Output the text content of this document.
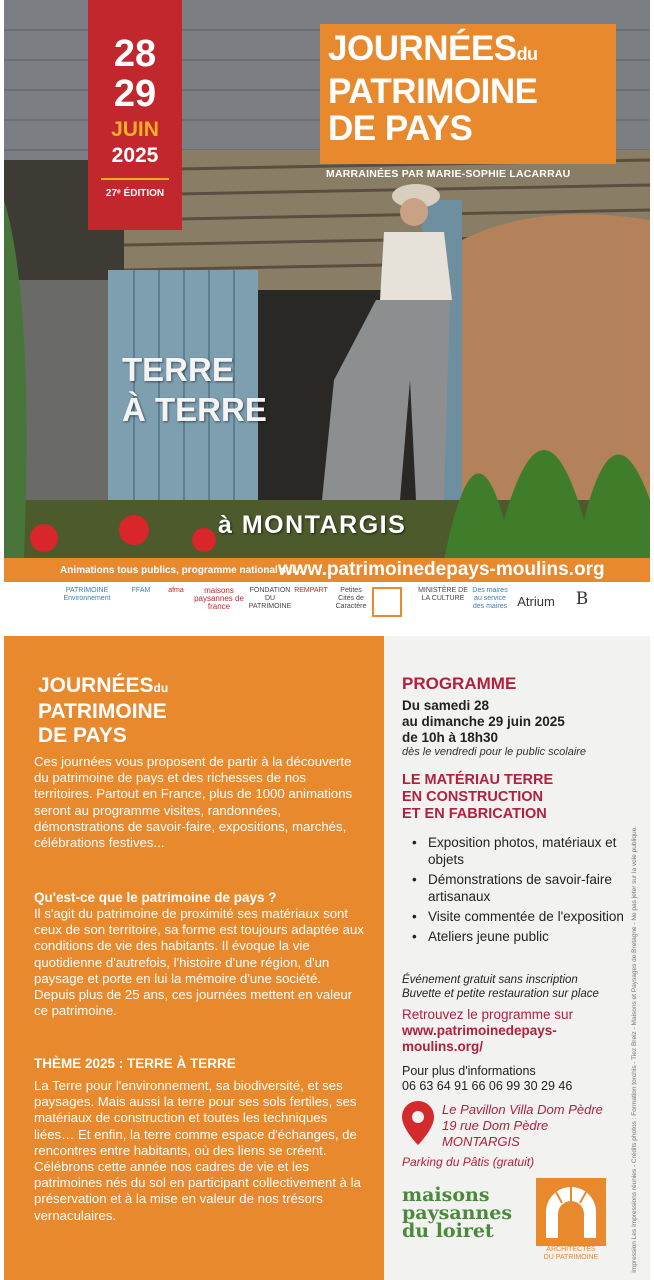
28
29
JUIN
2025
27ᵉ ÉDITION
JOURNÉESdu
PATRIMOINE
DE PAYS
MARRAINÉES PAR MARIE-SOPHIE LACARRAU
TERRE
À TERRE
à MONTARGIS
Animations tous publics, programme national sur :
www.patrimoinedepays-moulins.org
PATRIMOINE Environnement
FFAM	afma	maisons paysannes de france
FONDATION DU PATRIMOINE
REMPART	Petites Cités de Caractère
MINISTÈRE DE LA CULTURE
Des maires au service des maires Atrium	B
JOURNÉESdu
PATRIMOINE
DE PAYS

Ces journées vous proposent de partir à la découverte du patrimoine de pays et des richesses de nos territoires. Partout en France, plus de 1000 animations seront au programme visites, randonnées, démonstrations de savoir-faire, expositions, marchés, célébrations festives...

Qu'est-ce que le patrimoine de pays ?

Il s'agit du patrimoine de proximité ses matériaux sont ceux de son territoire, sa forme est toujours adaptée aux conditions de vie des habitants. Il évoque la vie quotidienne d'autrefois, l'histoire d'une région, d'un paysage et porte en lui la mémoire d'une société. Depuis plus de 25 ans, ces journées mettent en valeur ce patrimoine.

THÈME 2025 : TERRE À TERRE

La Terre pour l'environnement, sa biodiversité, et ses paysages. Mais aussi la terre pour ses sols fertiles, ses matériaux de construction et toutes les techniques liées… Et enfin, la terre comme espace d'échanges, de rencontres entre habitants, où des liens se créent. Célébrons cette année nos cadres de vie et les patrimoines nés du sol en participant collectivement à la préservation et à la mise en valeur de nos trésors vernaculaires.

PROGRAMME
Du samedi 28
au dimanche 29 juin 2025
de 10h à 18h30
dès le vendredi pour le public scolaire
LE MATÉRIAU TERRE
EN CONSTRUCTION
ET EN FABRICATION
• Exposition photos, matériaux et objets
• Démonstrations de savoir-faire artisanaux
• Visite commentée de l'exposition
• Ateliers jeune public
Événement gratuit sans inscription
Buvette et petite restauration sur place
Retrouvez le programme sur
www.patrimoinedepays-
moulins.org/
Pour plus d'informations
06 63 64 91 66 06 99 30 29 46
Le Pavillon Villa Dom Pèdre
19 rue Dom Pèdre
MONTARGIS
Parking du Pâtis (gratuit)
maisons
paysannes
du loiret
ARCHITECTES
DU PATRIMOINE	Impression Les Impressions réunies - Crédits photos : Formation torchis - Tiez Breiz - Maisons et Paysages de Bretagne - Ne pas jeter sur la voie publique.
